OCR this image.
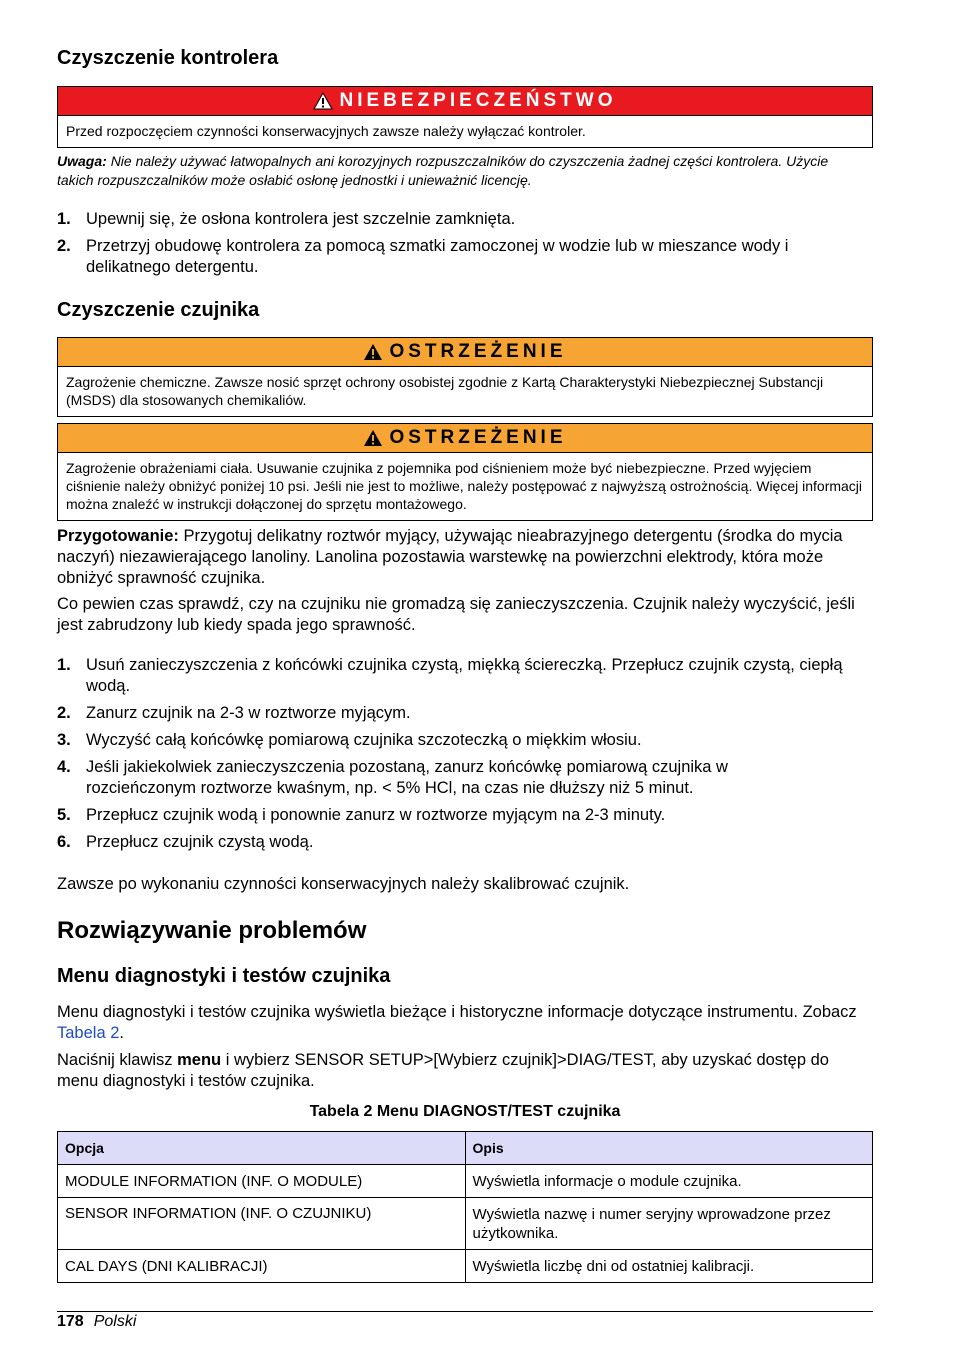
Czyszczenie kontrolera
NIEBEZPIECZEŃSTWO
Przed rozpoczęciem czynności konserwacyjnych zawsze należy wyłączać kontroler.
Uwaga: Nie należy używać łatwopalnych ani korozyjnych rozpuszczalników do czyszczenia żadnej części kontrolera. Użycie takich rozpuszczalników może osłabić osłonę jednostki i unieważnić licencję.
1. Upewnij się, że osłona kontrolera jest szczelnie zamknięta.
2. Przetrzyj obudowę kontrolera za pomocą szmatki zamoczonej w wodzie lub w mieszance wody i delikatnego detergentu.
Czyszczenie czujnika
OSTRZEŻENIE
Zagrożenie chemiczne. Zawsze nosić sprzęt ochrony osobistej zgodnie z Kartą Charakterystyki Niebezpiecznej Substancji (MSDS) dla stosowanych chemikaliów.
OSTRZEŻENIE
Zagrożenie obrażeniami ciała. Usuwanie czujnika z pojemnika pod ciśnieniem może być niebezpieczne. Przed wyjęciem ciśnienie należy obniżyć poniżej 10 psi. Jeśli nie jest to możliwe, należy postępować z najwyższą ostrożnością. Więcej informacji można znaleźć w instrukcji dołączonej do sprzętu montażowego.
Przygotowanie: Przygotuj delikatny roztwór myjący, używając nieabrazyjnego detergentu (środka do mycia naczyń) niezawierającego lanoliny. Lanolina pozostawia warstewkę na powierzchni elektrody, która może obniżyć sprawność czujnika.
Co pewien czas sprawdź, czy na czujniku nie gromadzą się zanieczyszczenia. Czujnik należy wyczyścić, jeśli jest zabrudzony lub kiedy spada jego sprawność.
1. Usuń zanieczyszczenia z końcówki czujnika czystą, miękką ściereczką. Przepłucz czujnik czystą, ciepłą wodą.
2. Zanurz czujnik na 2-3 w roztworze myjącym.
3. Wyczyść całą końcówkę pomiarową czujnika szczoteczką o miękkim włosiu.
4. Jeśli jakiekolwiek zanieczyszczenia pozostaną, zanurz końcówkę pomiarową czujnika w rozcieńczonym roztworze kwaśnym, np. < 5% HCl, na czas nie dłuższy niż 5 minut.
5. Przepłucz czujnik wodą i ponownie zanurz w roztworze myjącym na 2-3 minuty.
6. Przepłucz czujnik czystą wodą.
Zawsze po wykonaniu czynności konserwacyjnych należy skalibrować czujnik.
Rozwiązywanie problemów
Menu diagnostyki i testów czujnika
Menu diagnostyki i testów czujnika wyświetla bieżące i historyczne informacje dotyczące instrumentu. Zobacz Tabela 2.
Naciśnij klawisz menu i wybierz SENSOR SETUP>[Wybierz czujnik]>DIAG/TEST, aby uzyskać dostęp do menu diagnostyki i testów czujnika.
Tabela 2 Menu DIAGNOST/TEST czujnika
Opcja	Opis
MODULE INFORMATION (INF. O MODULE)	Wyświetla informacje o module czujnika.
SENSOR INFORMATION (INF. O CZUJNIKU)	Wyświetla nazwę i numer seryjny wprowadzone przez użytkownika.
CAL DAYS (DNI KALIBRACJI)	Wyświetla liczbę dni od ostatniej kalibracji.
178 Polski
